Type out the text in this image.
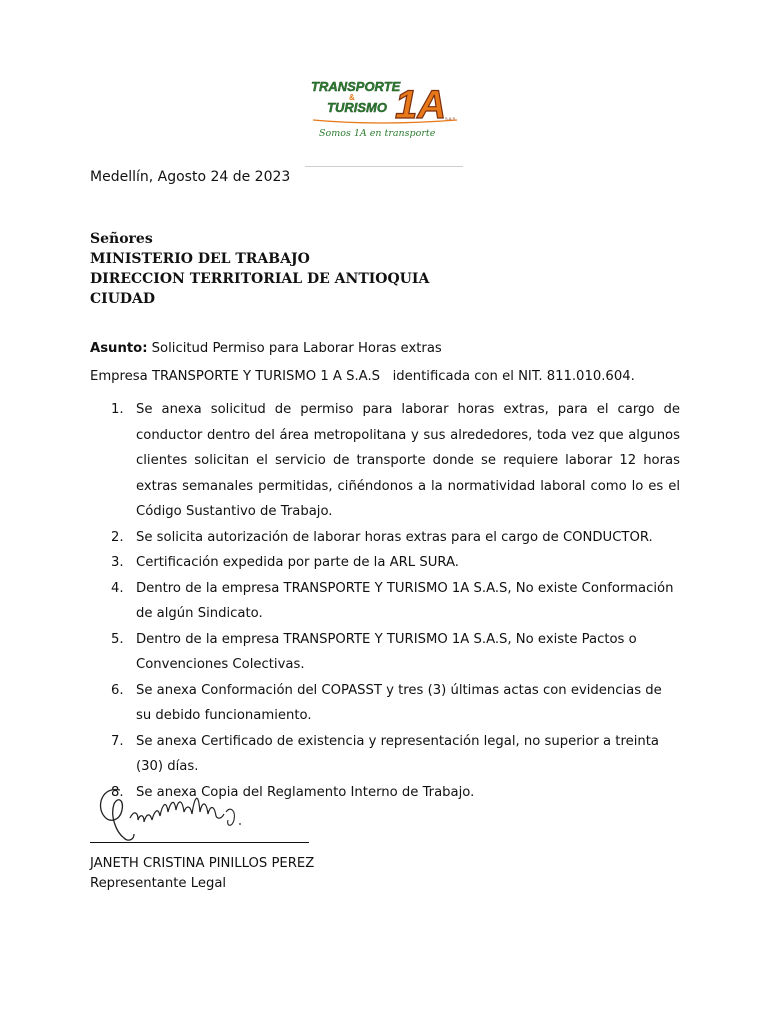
TRANSPORTE
&
TURISMO 1A
S.A.S
Somos 1A en transporte
Medellín, Agosto 24 de 2023
Señores
MINISTERIO DEL TRABAJO
DIRECCION TERRITORIAL DE ANTIOQUIA
CIUDAD
Asunto: Solicitud Permiso para Laborar Horas extras
Empresa TRANSPORTE Y TURISMO 1 A S.A.S   identificada con el NIT. 811.010.604.
1. Se anexa solicitud de permiso para laborar horas extras, para el cargo de conductor dentro del área metropolitana y sus alrededores, toda vez que algunos clientes solicitan el servicio de transporte donde se requiere laborar 12 horas extras semanales permitidas, ciñéndonos a la normatividad laboral como lo es el Código Sustantivo de Trabajo.
2. Se solicita autorización de laborar horas extras para el cargo de CONDUCTOR.
3. Certificación expedida por parte de la ARL SURA.
4. Dentro de la empresa TRANSPORTE Y TURISMO 1A S.A.S, No existe Conformación de algún Sindicato.
5. Dentro de la empresa TRANSPORTE Y TURISMO 1A S.A.S, No existe Pactos o Convenciones Colectivas.
6. Se anexa Conformación del COPASST y tres (3) últimas actas con evidencias de su debido funcionamiento.
7. Se anexa Certificado de existencia y representación legal, no superior a treinta (30) días.
8. Se anexa Copia del Reglamento Interno de Trabajo.
JANETH CRISTINA PINILLOS PEREZ
Representante Legal
